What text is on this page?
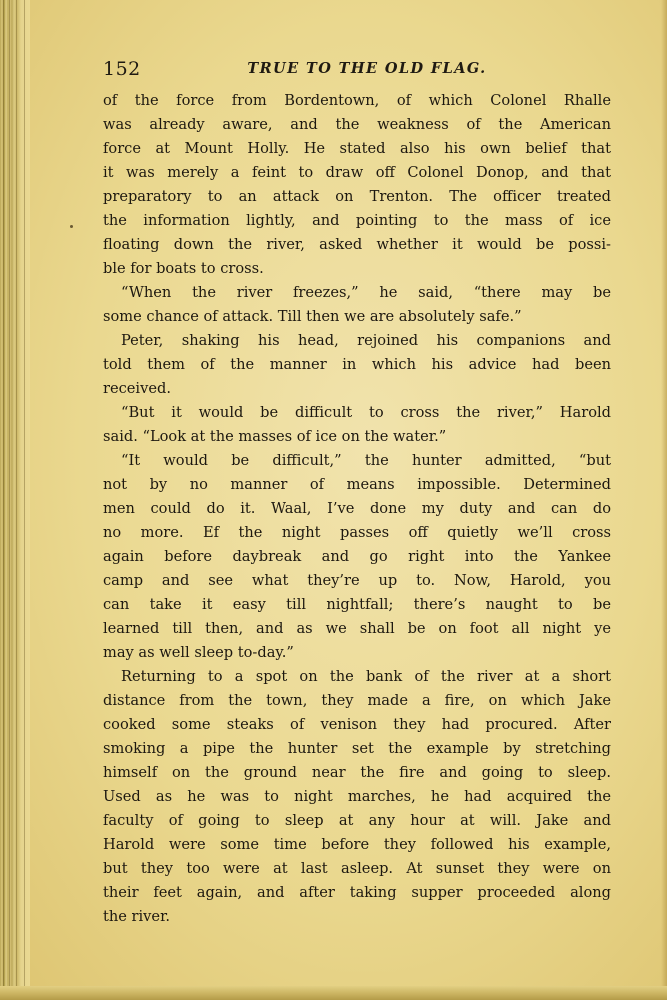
152	TRUE TO THE OLD FLAG.
of the force from Bordentown, of which Colonel Rhalle
was already aware, and the weakness of the American
force at Mount Holly. He stated also his own belief that
it was merely a feint to draw off Colonel Donop, and that
preparatory to an attack on Trenton. The officer treated
the information lightly, and pointing to the mass of ice
floating down the river, asked whether it would be possi-
ble for boats to cross.
“When the river freezes,” he said, “there may be
some chance of attack. Till then we are absolutely safe.”
Peter, shaking his head, rejoined his companions and
told them of the manner in which his advice had been
received.
“But it would be difficult to cross the river,” Harold
said. “Look at the masses of ice on the water.”
“It would be difficult,” the hunter admitted, “but
not by no manner of means impossible. Determined
men could do it. Waal, I’ve done my duty and can do
no more. Ef the night passes off quietly we’ll cross
again before daybreak and go right into the Yankee
camp and see what they’re up to. Now, Harold, you
can take it easy till nightfall; there’s naught to be
learned till then, and as we shall be on foot all night ye
may as well sleep to-day.”
Returning to a spot on the bank of the river at a short
distance from the town, they made a fire, on which Jake
cooked some steaks of venison they had procured. After
smoking a pipe the hunter set the example by stretching
himself on the ground near the fire and going to sleep.
Used as he was to night marches, he had acquired the
faculty of going to sleep at any hour at will. Jake and
Harold were some time before they followed his example,
but they too were at last asleep. At sunset they were on
their feet again, and after taking supper proceeded along
the river.
